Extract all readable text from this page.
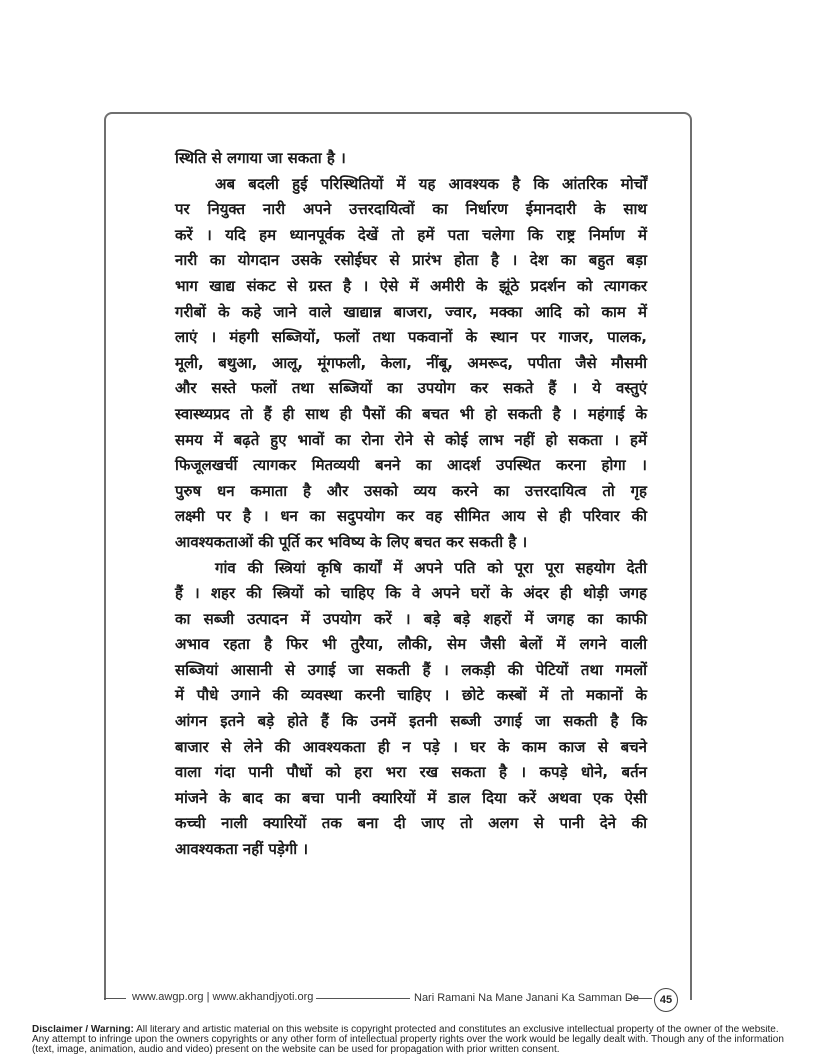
स्थिति से लगाया जा सकता है ।
अब बदली हुई परिस्थितियों में यह आवश्यक है कि आंतरिक मोर्चों
पर नियुक्त नारी अपने उत्तरदायित्वों का निर्धारण ईमानदारी के साथ
करें । यदि हम ध्यानपूर्वक देखें तो हमें पता चलेगा कि राष्ट्र निर्माण में
नारी का योगदान उसके रसोईघर से प्रारंभ होता है । देश का बहुत बड़ा
भाग खाद्य संकट से ग्रस्त है । ऐसे में अमीरी के झूंठे प्रदर्शन को त्यागकर
गरीबों के कहे जाने वाले खाद्यान्न बाजरा, ज्वार, मक्का आदि को काम में
लाएं । मंहगी सब्जियों, फलों तथा पकवानों के स्थान पर गाजर, पालक,
मूली, बथुआ, आलू, मूंगफली, केला, नींबू, अमरूद, पपीता जैसे मौसमी
और सस्ते फलों तथा सब्जियों का उपयोग कर सकते हैं । ये वस्तुएं
स्वास्थ्यप्रद तो हैं ही साथ ही पैसों की बचत भी हो सकती है । महंगाई के
समय में बढ़ते हुए भावों का रोना रोने से कोई लाभ नहीं हो सकता । हमें
फिजूलखर्ची त्यागकर मितव्ययी बनने का आदर्श उपस्थित करना होगा ।
पुरुष धन कमाता है और उसको व्यय करने का उत्तरदायित्व तो गृह
लक्ष्मी पर है । धन का सदुपयोग कर वह सीमित आय से ही परिवार की
आवश्यकताओं की पूर्ति कर भविष्य के लिए बचत कर सकती है ।
गांव की स्त्रियां कृषि कार्यों में अपने पति को पूरा पूरा सहयोग देती
हैं । शहर की स्त्रियों को चाहिए कि वे अपने घरों के अंदर ही थोड़ी जगह
का सब्जी उत्पादन में उपयोग करें । बड़े बड़े शहरों में जगह का काफी
अभाव रहता है फिर भी तुरैया, लौकी, सेम जैसी बेलों में लगने वाली
सब्जियां आसानी से उगाई जा सकती हैं । लकड़ी की पेटियों तथा गमलों
में पौधे उगाने की व्यवस्था करनी चाहिए । छोटे कस्बों में तो मकानों के
आंगन इतने बड़े होते हैं कि उनमें इतनी सब्जी उगाई जा सकती है कि
बाजार से लेने की आवश्यकता ही न पड़े । घर के काम काज से बचने
वाला गंदा पानी पौधों को हरा भरा रख सकता है । कपड़े धोने, बर्तन
मांजने के बाद का बचा पानी क्यारियों में डाल दिया करें अथवा एक ऐसी
कच्ची नाली क्यारियों तक बना दी जाए तो अलग से पानी देने की
आवश्यकता नहीं पड़ेगी ।
www.awgp.org | www.akhandjyoti.org	Nari Ramani Na Mane Janani Ka Samman De	45
Disclaimer / Warning: All literary and artistic material on this website is copyright protected and constitutes an exclusive intellectual property of the owner of the website. Any attempt to infringe upon the owners copyrights or any other form of intellectual property rights over the work would be legally dealt with. Though any of the information (text, image, animation, audio and video) present on the website can be used for propagation with prior written consent.
